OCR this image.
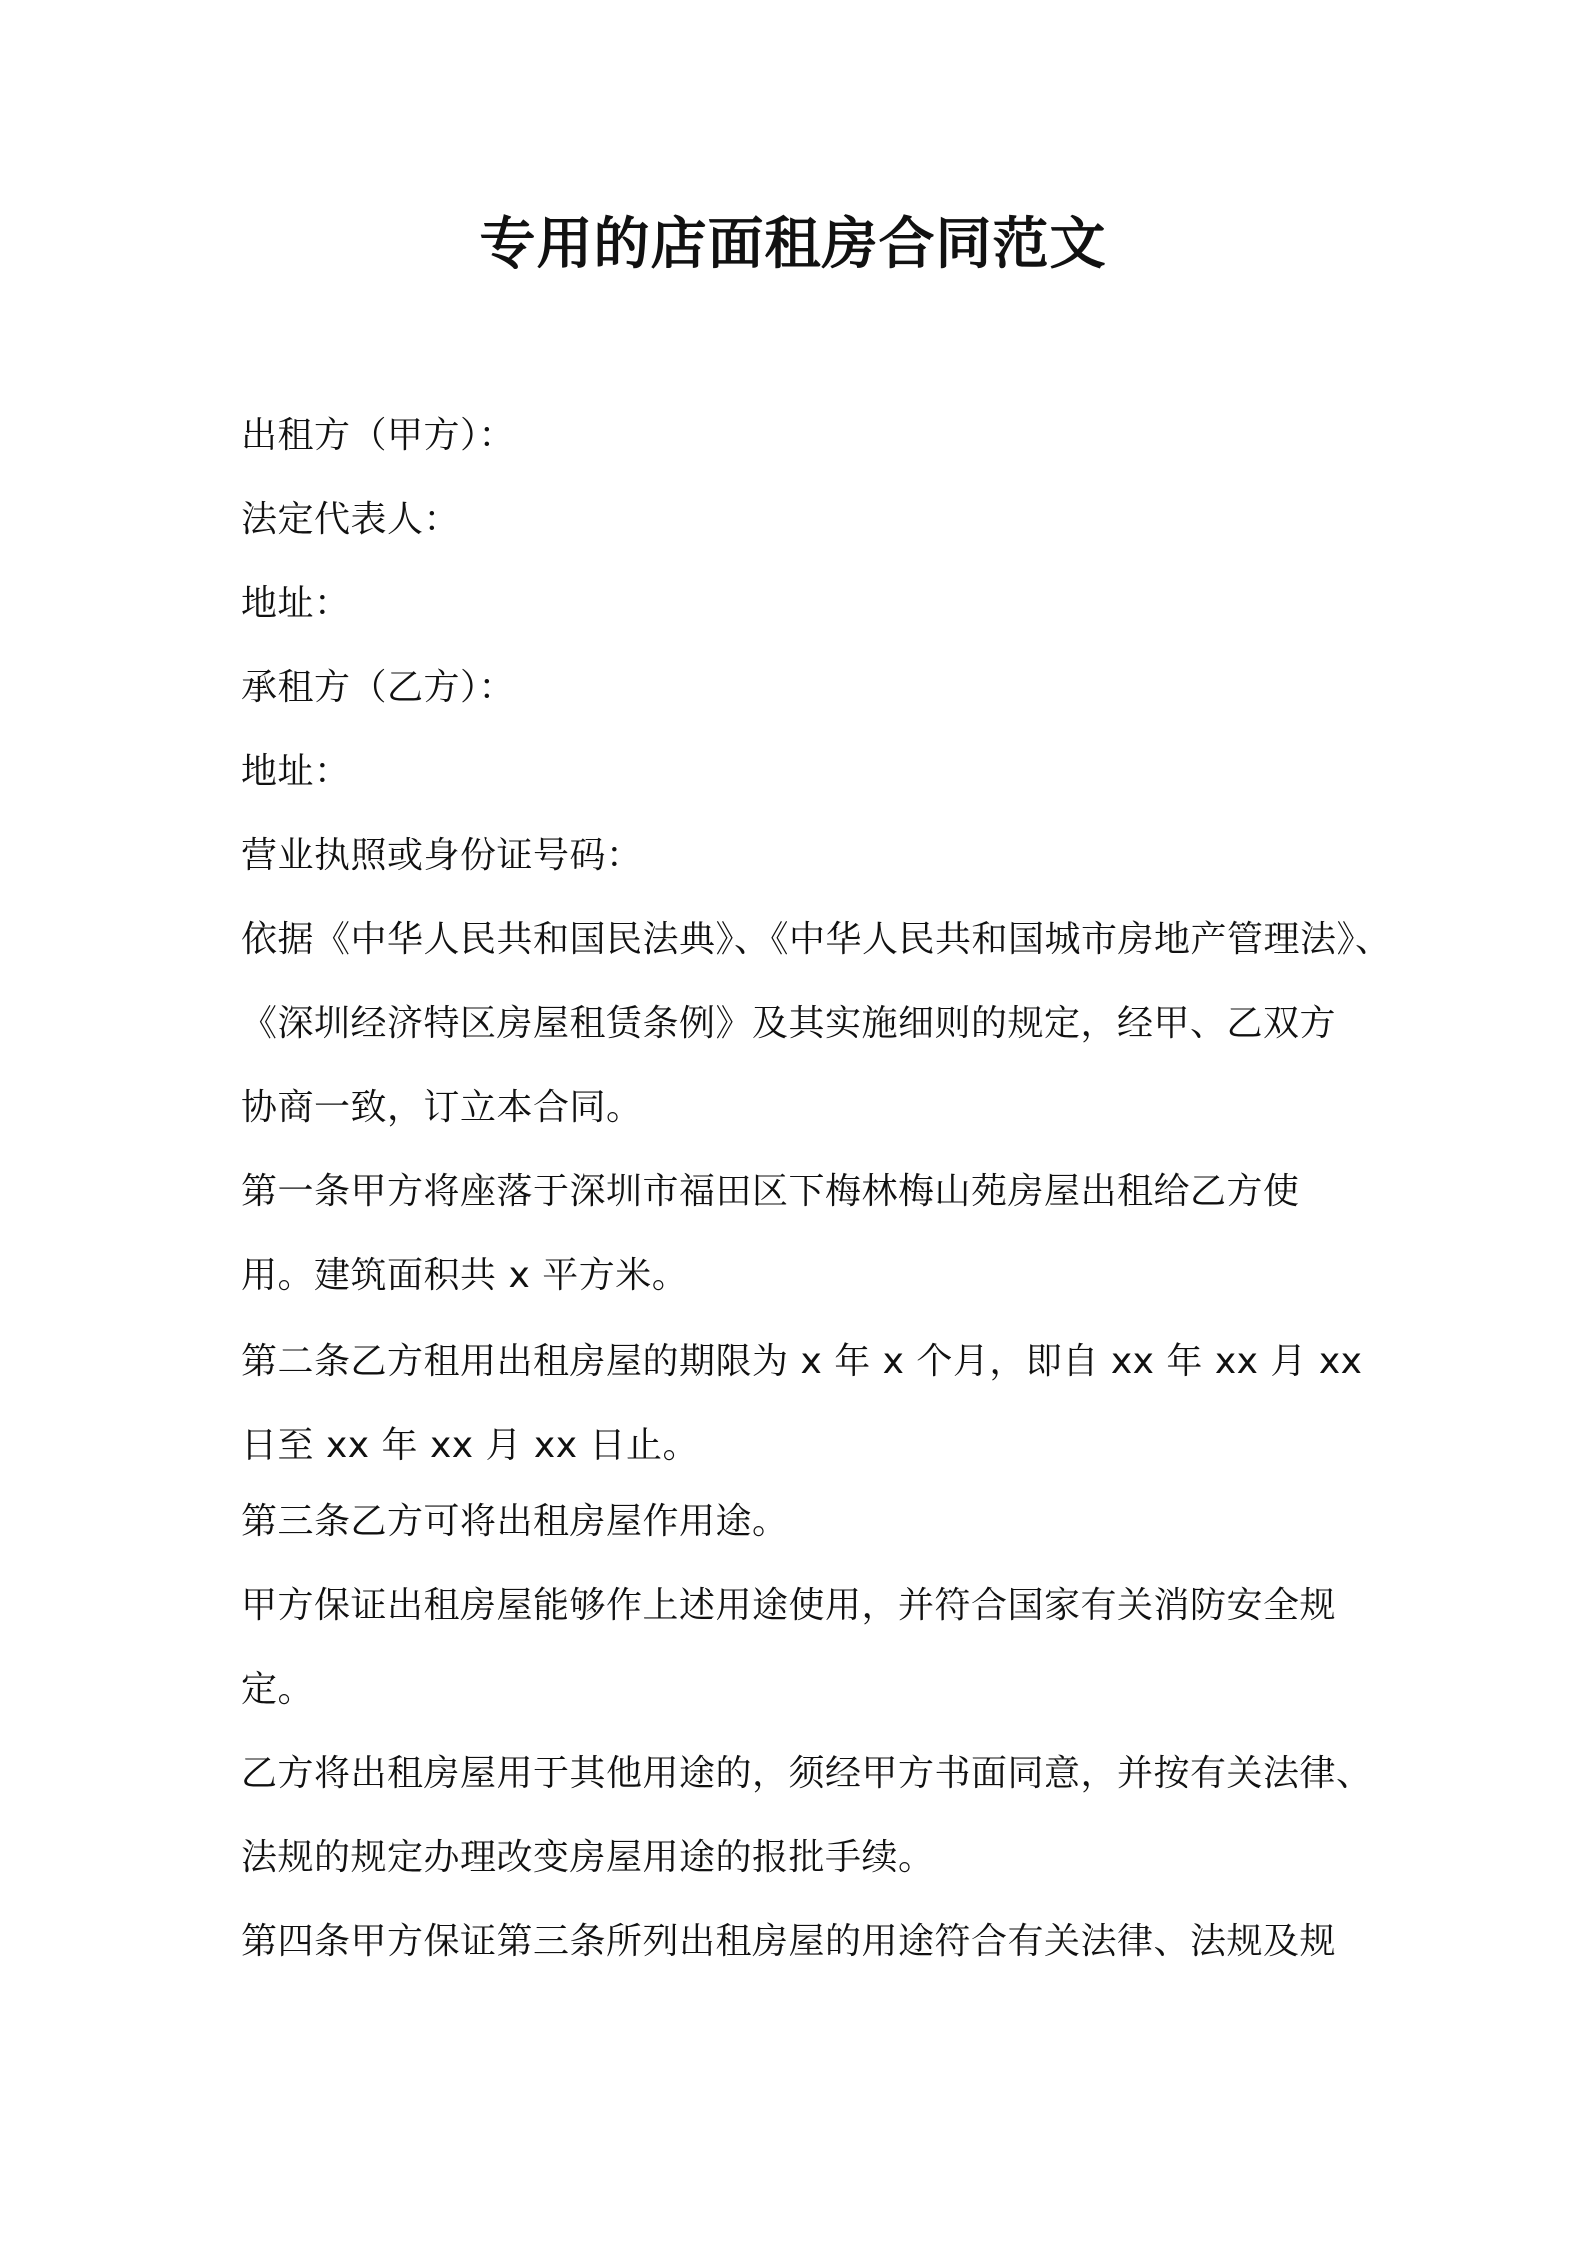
专用的店面租房合同范文
出租方（甲方）：
法定代表人：
地址：
承租方（乙方）：
地址：
营业执照或身份证号码：
依据《中华人民共和国民法典》、《中华人民共和国城市房地产管理法》、
《深圳经济特区房屋租赁条例》及其实施细则的规定，经甲、乙双方
协商一致，订立本合同。
第一条甲方将座落于深圳市福田区下梅林梅山苑房屋出租给乙方使
用。建筑面积共 x 平方米。
第二条乙方租用出租房屋的期限为 x 年 x 个月，即自 xx 年 xx 月 xx
日至 xx 年 xx 月 xx 日止。
第三条乙方可将出租房屋作用途。
甲方保证出租房屋能够作上述用途使用，并符合国家有关消防安全规
定。
乙方将出租房屋用于其他用途的，须经甲方书面同意，并按有关法律、
法规的规定办理改变房屋用途的报批手续。
第四条甲方保证第三条所列出租房屋的用途符合有关法律、法规及规
